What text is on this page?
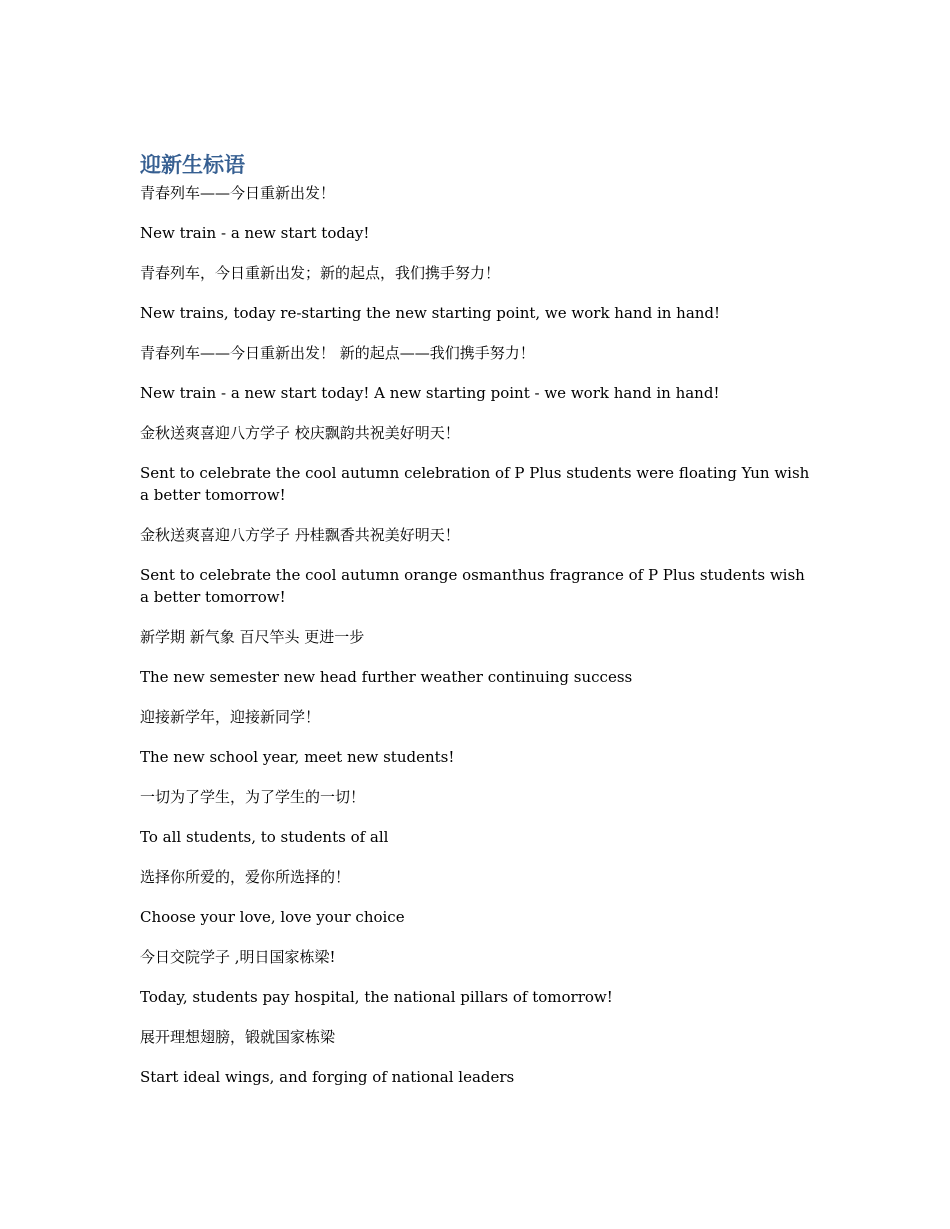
迎新生标语

青春列车——今日重新出发！

New train - a new start today!

青春列车，今日重新出发；新的起点，我们携手努力！

New trains, today re-starting the new starting point, we work hand in hand!

青春列车——今日重新出发！ 新的起点——我们携手努力！

New train - a new start today! A new starting point - we work hand in hand!

金秋送爽喜迎八方学子 校庆飘韵共祝美好明天！

Sent to celebrate the cool autumn celebration of P Plus students were floating Yun wish a better tomorrow!

金秋送爽喜迎八方学子 丹桂飘香共祝美好明天！

Sent to celebrate the cool autumn orange osmanthus fragrance of P Plus students wish a better tomorrow!

新学期 新气象 百尺竿头 更进一步

The new semester new head further weather continuing success

迎接新学年，迎接新同学！

The new school year, meet new students!

一切为了学生，为了学生的一切！

To all students, to students of all

选择你所爱的，爱你所选择的！

Choose your love, love your choice

今日交院学子 ,明日国家栋梁!

Today, students pay hospital, the national pillars of tomorrow!

展开理想翅膀，锻就国家栋梁

Start ideal wings, and forging of national leaders
